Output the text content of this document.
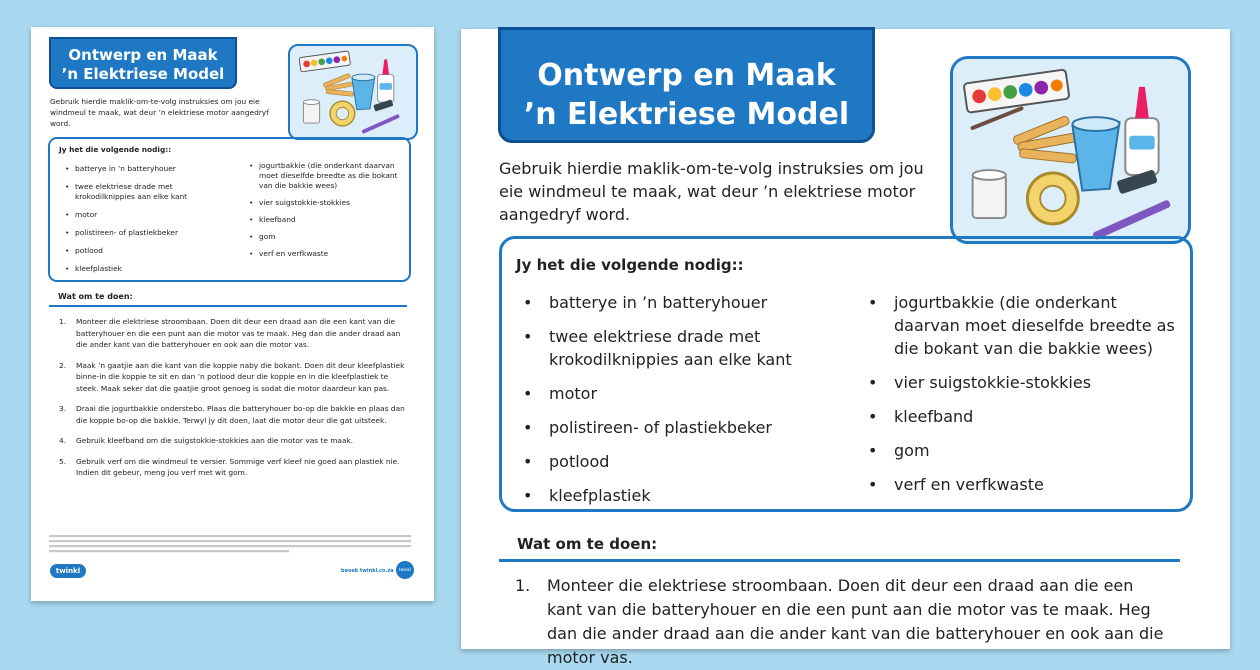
Ontwerp en Maak
’n Elektriese Model
Gebruik hierdie maklik-om-te-volg instruksies om jou eie windmeul te maak, wat deur ’n elektriese motor aangedryf word.
Jy het die volgende nodig::
• batterye in ’n batteryhouer
• twee elektriese drade met krokodilknippies aan elke kant
• motor
• polistireen- of plastiekbeker
• potlood
• kleefplastiek
• jogurtbakkie (die onderkant daarvan moet dieselfde breedte as die bokant van die bakkie wees)
• vier suigstokkie-stokkies
• kleefband
• gom
• verf en verfkwaste
Wat om te doen:
1.	Monteer die elektriese stroombaan. Doen dit deur een draad aan die een kant van die batteryhouer en die een punt aan die motor vas te maak. Heg dan die ander draad aan die ander kant van die batteryhouer en ook aan die motor vas.
2.	Maak ’n gaatjie aan die kant van die koppie naby die bokant. Doen dit deur kleefplastiek binne-in die koppie te sit en dan ’n potlood deur die koppie en in die kleefplastiek te steek. Maak seker dat die gaatjie groot genoeg is sodat die motor daardeur kan pas.
3.	Draai die jogurtbakkie onderstebo. Plaas die batteryhouer bo-op die bakkie en plaas dan die koppie bo-op die bakkie. Terwyl jy dit doen, laat die motor deur die gat uitsteek.
4.	Gebruik kleefband om die suigstokkie-stokkies aan die motor vas te maak.
5.	Gebruik verf om die windmeul te versier. Sommige verf kleef nie goed aan plastiek nie. Indien dit gebeur, meng jou verf met wit gom.
twinkl	beoek twinkl.co.za	twinkl
Ontwerp en Maak
’n Elektriese Model
Gebruik hierdie maklik-om-te-volg instruksies om jou eie windmeul te maak, wat deur ’n elektriese motor aangedryf word.
Jy het die volgende nodig::
• batterye in ’n batteryhouer
• twee elektriese drade met krokodilknippies aan elke kant
• motor
• polistireen- of plastiekbeker
• potlood
• kleefplastiek
• jogurtbakkie (die onderkant daarvan moet dieselfde breedte as die bokant van die bakkie wees)
• vier suigstokkie-stokkies
• kleefband
• gom
• verf en verfkwaste
Wat om te doen:
1.	Monteer die elektriese stroombaan. Doen dit deur een draad aan die een kant van die batteryhouer en die een punt aan die motor vas te maak. Heg dan die ander draad aan die ander kant van die batteryhouer en ook aan die motor vas.
